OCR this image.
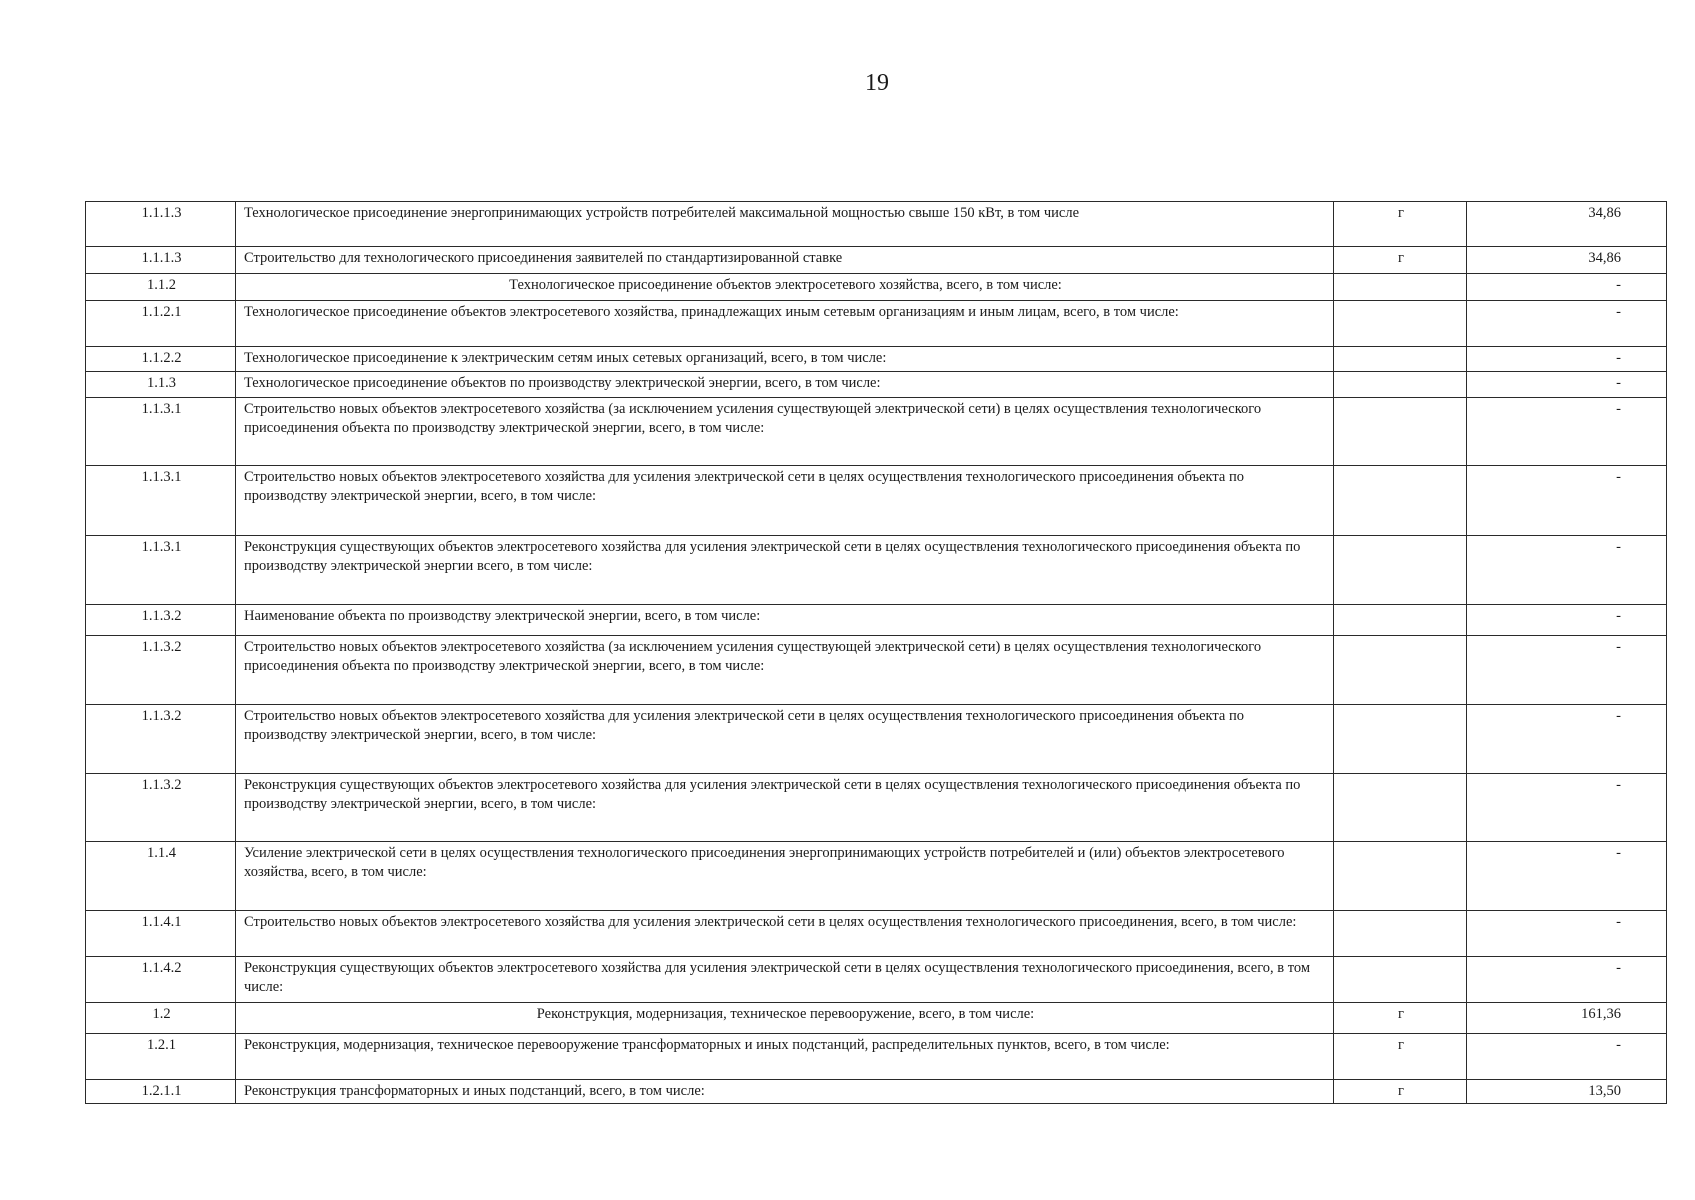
19
1.1.1.3	Технологическое присоединение энергопринимающих устройств потребителей максимальной мощностью свыше 150 кВт, в том числе	г	34,86
1.1.1.3	Строительство для технологического присоединения заявителей по стандартизированной ставке	г	34,86
1.1.2	Технологическое присоединение объектов электросетевого хозяйства, всего, в том числе:		-
1.1.2.1	Технологическое присоединение объектов электросетевого хозяйства, принадлежащих иным сетевым организациям и иным лицам, всего, в том числе:		-
1.1.2.2	Технологическое присоединение к электрическим сетям иных сетевых организаций, всего, в том числе:		-
1.1.3	Технологическое присоединение объектов по производству электрической энергии, всего, в том числе:		-
1.1.3.1	Строительство новых объектов электросетевого хозяйства (за исключением усиления существующей электрической сети) в целях осуществления технологического присоединения объекта по производству электрической энергии, всего, в том числе:		-
1.1.3.1	Строительство новых объектов электросетевого хозяйства для усиления электрической сети в целях осуществления технологического присоединения объекта по производству электрической энергии, всего, в том числе:		-
1.1.3.1	Реконструкция существующих объектов электросетевого хозяйства для усиления электрической сети в целях осуществления технологического присоединения объекта по производству электрической энергии всего, в том числе:		-
1.1.3.2	Наименование объекта по производству электрической энергии, всего, в том числе:		-
1.1.3.2	Строительство новых объектов электросетевого хозяйства (за исключением усиления существующей электрической сети) в целях осуществления технологического присоединения объекта по производству электрической энергии, всего, в том числе:		-
1.1.3.2	Строительство новых объектов электросетевого хозяйства для усиления электрической сети в целях осуществления технологического присоединения объекта по производству электрической энергии, всего, в том числе:		-
1.1.3.2	Реконструкция существующих объектов электросетевого хозяйства для усиления электрической сети в целях осуществления технологического присоединения объекта по производству электрической энергии, всего, в том числе:		-
1.1.4	Усиление электрической сети в целях осуществления технологического присоединения энергопринимающих устройств потребителей и (или) объектов электросетевого хозяйства, всего, в том числе:		-
1.1.4.1	Строительство новых объектов электросетевого хозяйства для усиления электрической сети в целях осуществления технологического присоединения, всего, в том числе:		-
1.1.4.2	Реконструкция существующих объектов электросетевого хозяйства для усиления электрической сети в целях осуществления технологического присоединения, всего, в том числе:		-
1.2	Реконструкция, модернизация, техническое перевооружение, всего, в том числе:	г	161,36
1.2.1	Реконструкция, модернизация, техническое перевооружение трансформаторных и иных подстанций, распределительных пунктов, всего, в том числе:	г	-
1.2.1.1	Реконструкция трансформаторных и иных подстанций, всего, в том числе:	г	13,50
